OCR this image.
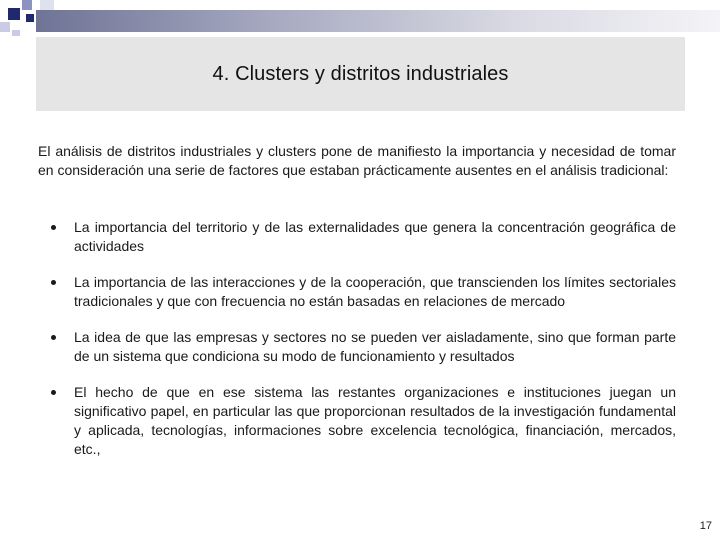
4. Clusters y distritos industriales
El análisis de distritos industriales y clusters pone de manifiesto la importancia y necesidad de tomar en consideración una serie de factores que estaban prácticamente ausentes en el análisis tradicional:
La importancia del territorio y de las externalidades que genera la concentración geográfica de actividades
La importancia de las interacciones y de la cooperación, que transcienden los límites sectoriales tradicionales y que con frecuencia no están basadas en relaciones de mercado
La idea de que las empresas y sectores no se pueden ver aisladamente, sino que forman parte de un sistema que condiciona su modo de funcionamiento y resultados
El hecho de que en ese sistema las restantes organizaciones e instituciones juegan un significativo papel, en particular las que proporcionan resultados de la investigación fundamental y aplicada, tecnologías, informaciones sobre excelencia tecnológica, financiación, mercados, etc.,
17
